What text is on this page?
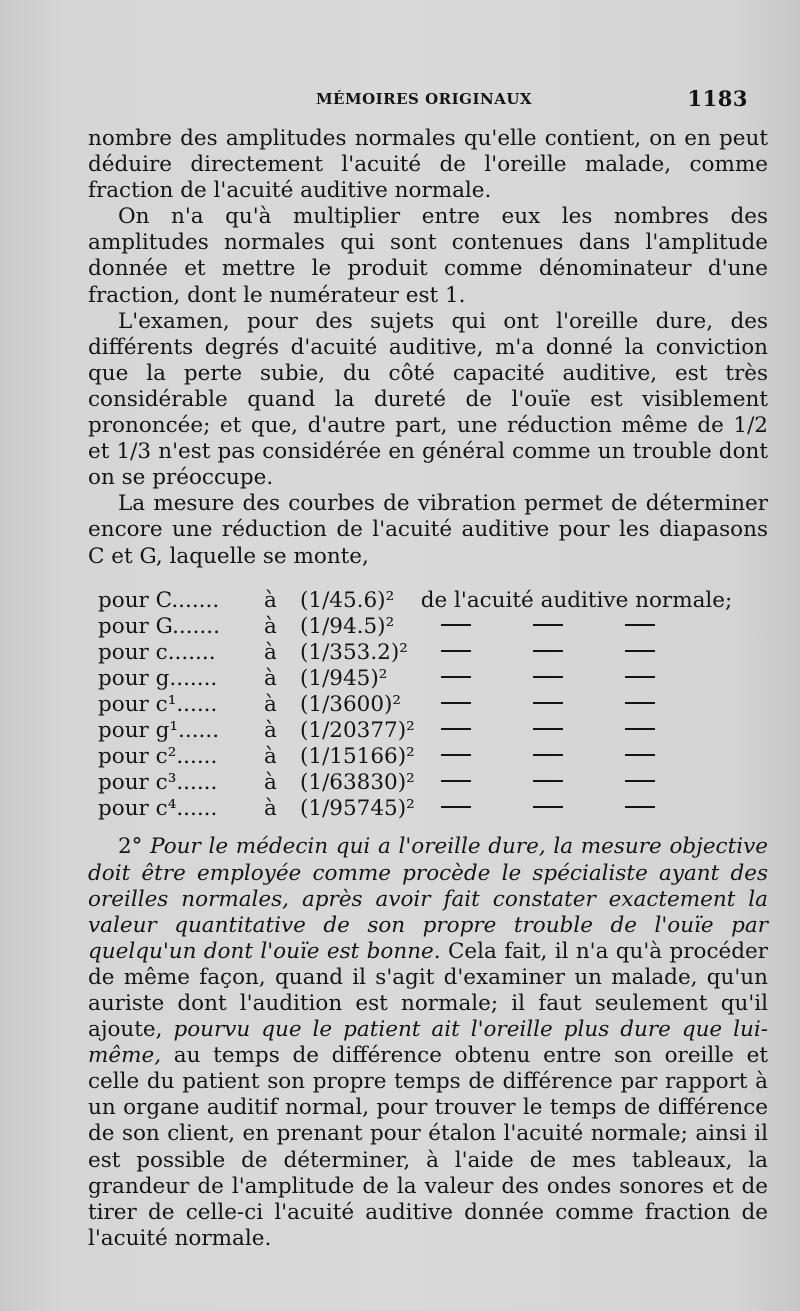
MÉMOIRES ORIGINAUX	1183

nombre des amplitudes normales qu'elle contient, on en peut déduire directement l'acuité de l'oreille malade, comme fraction de l'acuité auditive normale.

On n'a qu'à multiplier entre eux les nombres des amplitudes normales qui sont contenues dans l'amplitude donnée et mettre le produit comme dénominateur d'une fraction, dont le numérateur est 1.

L'examen, pour des sujets qui ont l'oreille dure, des différents degrés d'acuité auditive, m'a donné la conviction que la perte subie, du côté capacité auditive, est très considérable quand la dureté de l'ouïe est visiblement prononcée; et que, d'autre part, une réduction même de 1/2 et 1/3 n'est pas considérée en général comme un trouble dont on se préoccupe.

La mesure des courbes de vibration permet de déterminer encore une réduction de l'acuité auditive pour les diapasons C et G, laquelle se monte,

pour C.......	à	(1/45.6)²	de l'acuité auditive normale;
pour G.......	à	(1/94.5)²	

pour c.......	à	(1/353.2)²	

pour g.......	à	(1/945)²	

pour c¹......	à	(1/3600)²	

pour g¹......	à	(1/20377)²	

pour c²......	à	(1/15166)²	

pour c³......	à	(1/63830)²	

pour c⁴......	à	(1/95745)²	

2° Pour le médecin qui a l'oreille dure, la mesure objective doit être employée comme procède le spécialiste ayant des oreilles normales, après avoir fait constater exactement la valeur quantitative de son propre trouble de l'ouïe par quelqu'un dont l'ouïe est bonne. Cela fait, il n'a qu'à procéder de même façon, quand il s'agit d'examiner un malade, qu'un auriste dont l'audition est normale; il faut seulement qu'il ajoute, pourvu que le patient ait l'oreille plus dure que lui-même, au temps de différence obtenu entre son oreille et celle du patient son propre temps de différence par rapport à un organe auditif normal, pour trouver le temps de différence de son client, en prenant pour étalon l'acuité normale; ainsi il est possible de déterminer, à l'aide de mes tableaux, la grandeur de l'amplitude de la valeur des ondes sonores et de tirer de celle-ci l'acuité auditive donnée comme fraction de l'acuité normale.
